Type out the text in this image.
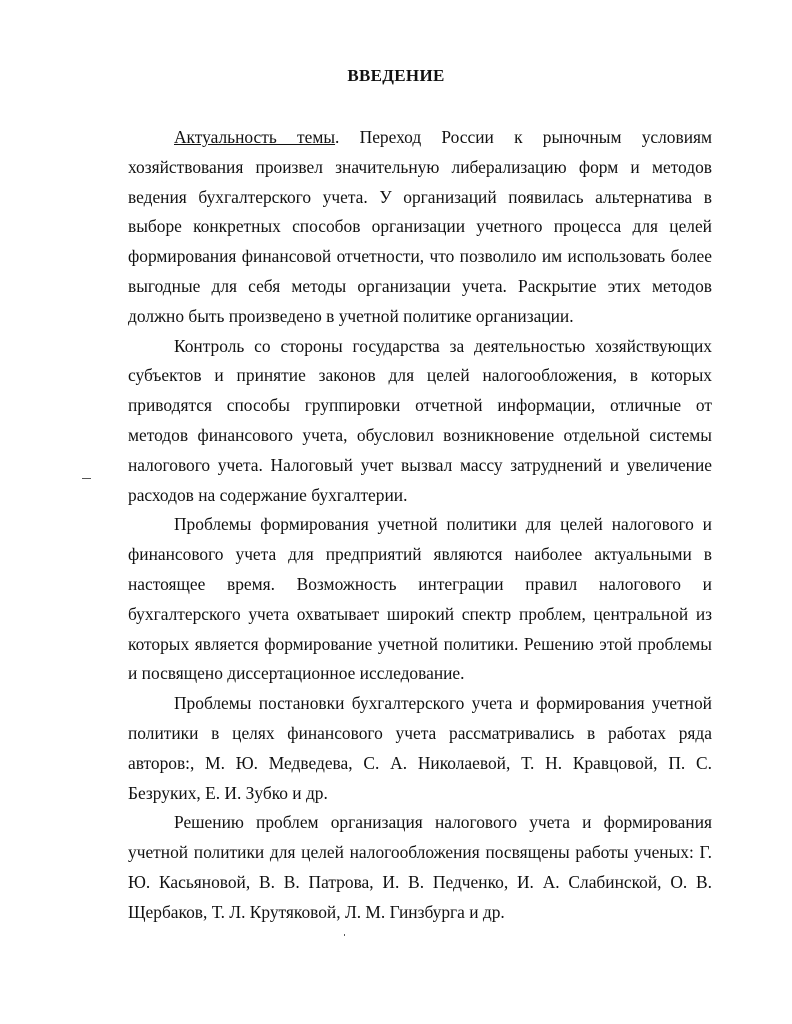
ВВЕДЕНИЕ

Актуальность темы. Переход России к рыночным условиям хозяйствования произвел значительную либерализацию форм и методов ведения бухгалтерского учета. У организаций появилась альтернатива в выборе конкретных способов организации учетного процесса для целей формирования финансовой отчетности, что позволило им использовать более выгодные для себя методы организации учета. Раскрытие этих методов должно быть произведено в учетной политике организации.

Контроль со стороны государства за деятельностью хозяйствующих субъектов и принятие законов для целей налогообложения, в которых приводятся способы группировки отчетной информации, отличные от методов финансового учета, обусловил возникновение отдельной системы налогового учета. Налоговый учет вызвал массу затруднений и увеличение расходов на содержание бухгалтерии.

Проблемы формирования учетной политики для целей налогового и финансового учета для предприятий являются наиболее актуальными в настоящее время. Возможность интеграции правил налогового и бухгалтерского учета охватывает широкий спектр проблем, центральной из которых является формирование учетной политики. Решению этой проблемы и посвящено диссертационное исследование.

Проблемы постановки бухгалтерского учета и формирования учетной политики в целях финансового учета рассматривались в работах ряда авторов:, М. Ю. Медведева, С. А. Николаевой, Т. Н. Кравцовой, П. С. Безруких, Е. И. Зубко и др.

Решению проблем организация налогового учета и формирования учетной политики для целей налогообложения посвящены работы ученых: Г. Ю. Касьяновой, В. В. Патрова, И. В. Педченко, И. А. Слабинской, О. В. Щербаков, Т. Л. Крутяковой, Л. М. Гинзбурга и др.
